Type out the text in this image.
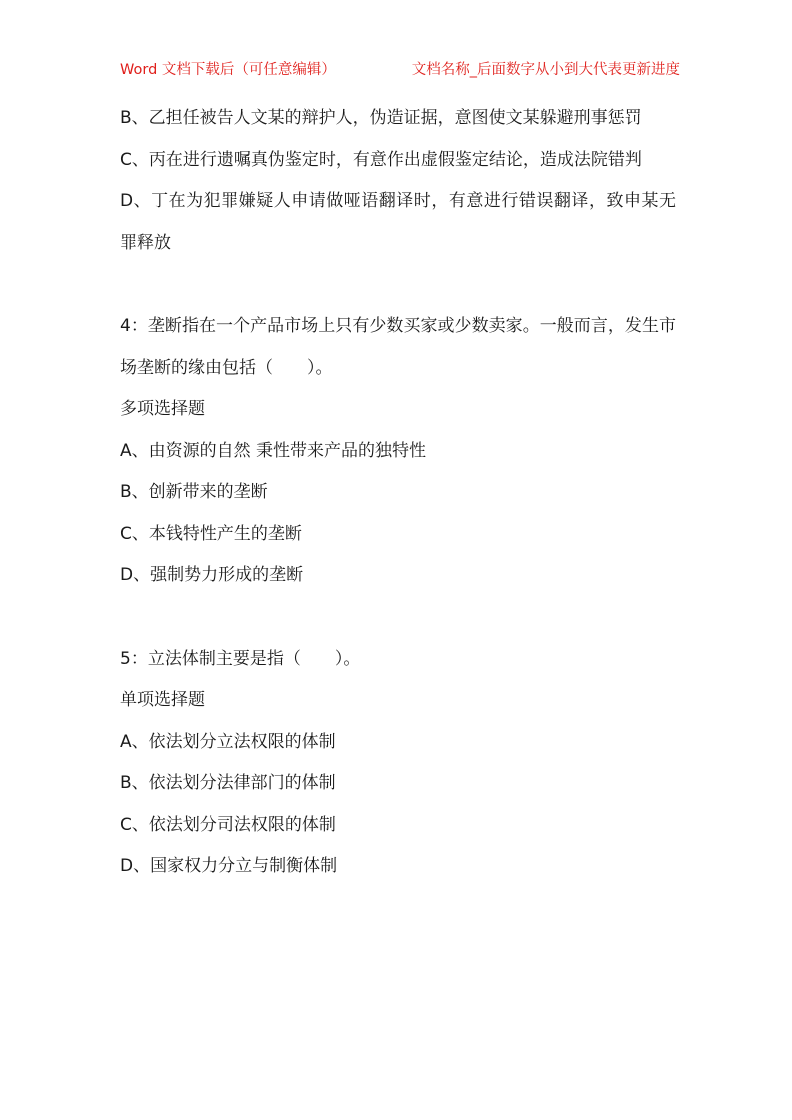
Word 文档下载后（可任意编辑）	文档名称_后面数字从小到大代表更新进度

B、乙担任被告人文某的辩护人，伪造证据，意图使文某躲避刑事惩罚

C、丙在进行遗嘱真伪鉴定时，有意作出虚假鉴定结论，造成法院错判

D、丁在为犯罪嫌疑人申请做哑语翻译时，有意进行错误翻译，致申某无罪释放

4：垄断指在一个产品市场上只有少数买家或少数卖家。一般而言，发生市场垄断的缘由包括（　　）。

多项选择题

A、由资源的自然 秉性带来产品的独特性

B、创新带来的垄断

C、本钱特性产生的垄断

D、强制势力形成的垄断

5：立法体制主要是指（　　）。

单项选择题

A、依法划分立法权限的体制

B、依法划分法律部门的体制

C、依法划分司法权限的体制

D、国家权力分立与制衡体制
